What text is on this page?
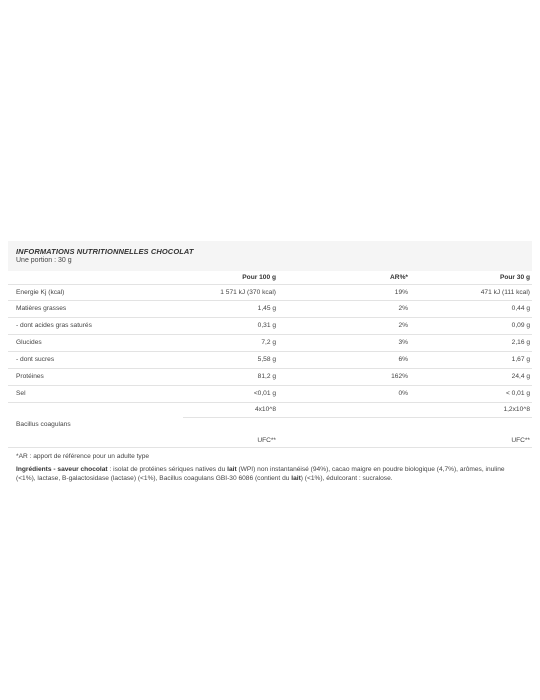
INFORMATIONS NUTRITIONNELLES CHOCOLAT
Une portion : 30 g
	Pour 100 g	AR%*	Pour 30 g
Energie Kj (kcal)	1 571 kJ (370 kcal)	19%	471 kJ (111 kcal)
Matières grasses	1,45 g	2%	0,44 g
- dont acides gras saturés	0,31 g	2%	0,09 g
Glucides	7,2 g	3%	2,16 g
- dont sucres	5,58 g	6%	1,67 g
Protéines	81,2 g	162%	24,4 g
Sel	<0,01 g	0%	< 0,01 g
	4x10^8		1,2x10^8
Bacillus coagulans	UFC**		UFC**
*AR : apport de référence pour un adulte type
Ingrédients - saveur chocolat : isolat de protéines sériques natives du lait (WPI) non instantanéisé (94%), cacao maigre en poudre biologique (4,7%), arômes, inuline (<1%), lactase, B-galactosidase (lactase) (<1%), Bacillus coagulans GBI-30 6086 (contient du lait) (<1%), édulcorant : sucralose.
